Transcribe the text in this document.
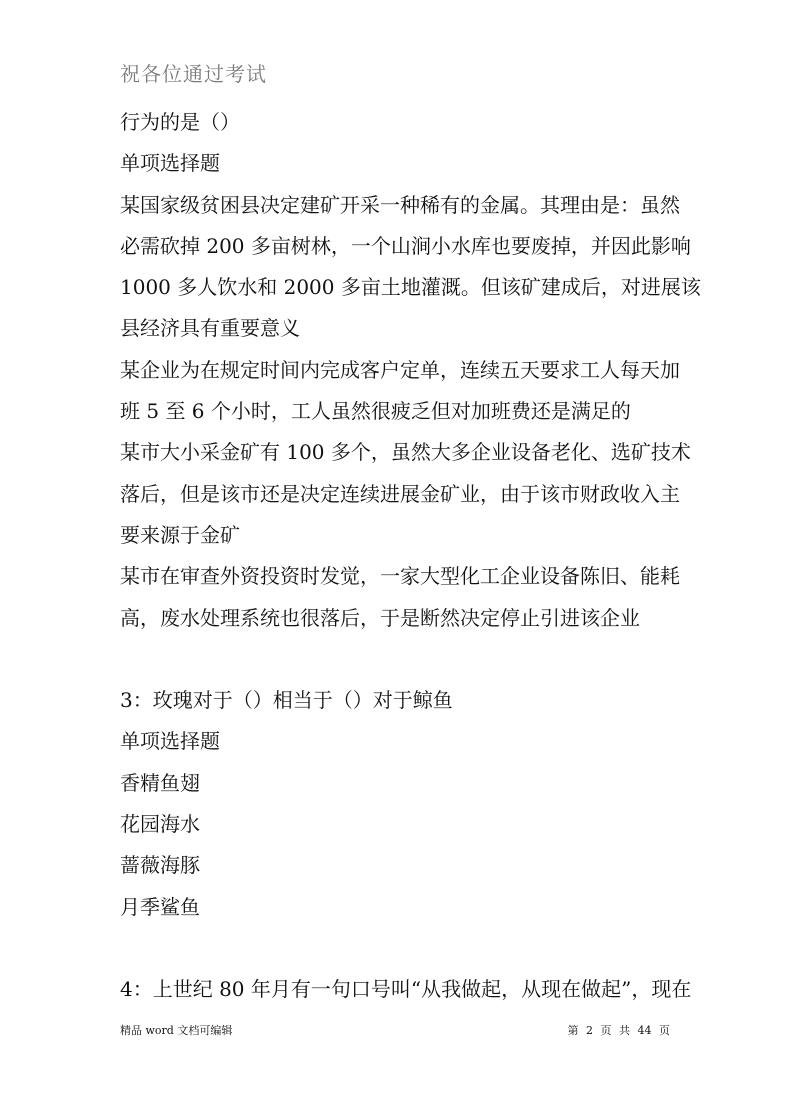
祝各位通过考试
行为的是（）
单项选择题
某国家级贫困县决定建矿开采一种稀有的金属。其理由是：虽然
必需砍掉 200 多亩树林，一个山涧小水库也要废掉，并因此影响
1000 多人饮水和 2000 多亩土地灌溉。但该矿建成后，对进展该
县经济具有重要意义
某企业为在规定时间内完成客户定单，连续五天要求工人每天加
班 5 至 6 个小时，工人虽然很疲乏但对加班费还是满足的
某市大小采金矿有 100 多个，虽然大多企业设备老化、选矿技术
落后，但是该市还是决定连续进展金矿业，由于该市财政收入主
要来源于金矿
某市在审查外资投资时发觉，一家大型化工企业设备陈旧、能耗
高，废水处理系统也很落后，于是断然决定停止引进该企业
3：玫瑰对于（）相当于（）对于鲸鱼
单项选择题
香精鱼翅
花园海水
蔷薇海豚
月季鲨鱼
4：上世纪 80 年月有一句口号叫“从我做起，从现在做起”，现在
精品 word 文档可编辑	第 2 页 共 44 页
